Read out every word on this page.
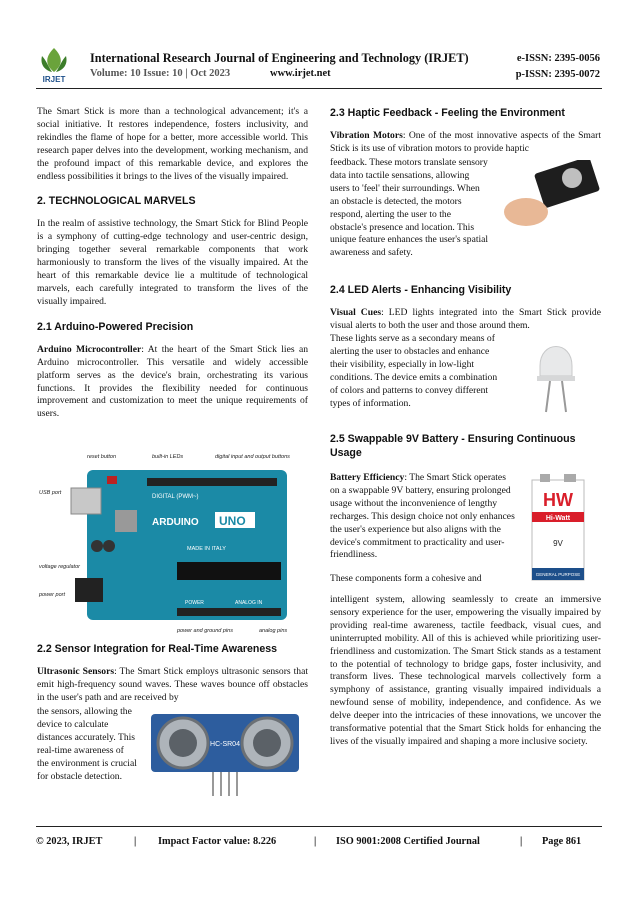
IRJET
International Research Journal of Engineering and Technology (IRJET)
Volume: 10 Issue: 10 | Oct 2023	www.irjet.net
e-ISSN: 2395-0056
p-ISSN: 2395-0072

The Smart Stick is more than a technological advancement; it's a social initiative. It restores independence, fosters inclusivity, and rekindles the flame of hope for a better, more accessible world. This research paper delves into the development, working mechanism, and the profound impact of this remarkable device, and explores the endless possibilities it brings to the lives of the visually impaired.

2. TECHNOLOGICAL MARVELS

In the realm of assistive technology, the Smart Stick for Blind People is a symphony of cutting-edge technology and user-centric design, bringing together several remarkable components that work harmoniously to transform the lives of the visually impaired. At the heart of this remarkable device lie a multitude of technological marvels, each carefully integrated to transform the lives of the visually impaired.

2.1 Arduino-Powered Precision

Arduino Microcontroller: At the heart of the Smart Stick lies an Arduino microcontroller. This versatile and widely accessible platform serves as the device's brain, orchestrating its various functions. It provides the flexibility needed for continuous improvement and customization to meet the unique requirements of users.

DIGITAL (PWM~)
ARDUINO UNO
MADE IN ITALY
POWER	ANALOG IN
reset button	built-in LEDs	digital input and output buttons
USB port
voltage regulator
power port
power and ground pins	analog pins
2.2 Sensor Integration for Real-Time Awareness

Ultrasonic Sensors: The Smart Stick employs ultrasonic sensors that emit high-frequency sound waves. These waves bounce off obstacles in the user's path and are received by

the sensors, allowing the device to calculate distances accurately. This real-time awareness of the environment is crucial for obstacle detection.

HC-SR04
2.3 Haptic Feedback - Feeling the Environment

Vibration Motors: One of the most innovative aspects of the Smart Stick is its use of vibration motors to provide haptic

feedback. These motors translate sensory data into tactile sensations, allowing users to 'feel' their surroundings. When an obstacle is detected, the motors respond, alerting the user to the obstacle's presence and location. This unique feature enhances the user's spatial awareness and safety.

2.4 LED Alerts - Enhancing Visibility

Visual Cues: LED lights integrated into the Smart Stick provide visual alerts to both the user and those around them.

These lights serve as a secondary means of alerting the user to obstacles and enhance their visibility, especially in low-light conditions. The device emits a combination of colors and patterns to convey different types of information.

2.5 Swappable 9V Battery - Ensuring Continuous Usage

Battery Efficiency: The Smart Stick operates on a swappable 9V battery, ensuring prolonged usage without the inconvenience of lengthy recharges. This design choice not only enhances the user's experience but also aligns with the device's commitment to practicality and user-friendliness.

These components form a cohesive and

HW
Hi-Watt
9V
GENERAL PURPOSE

intelligent system, allowing seamlessly to create an immersive sensory experience for the user, empowering the visually impaired by providing real-time awareness, tactile feedback, visual cues, and uninterrupted mobility. All of this is achieved while prioritizing user-friendliness and customization. The Smart Stick stands as a testament to the potential of technology to bridge gaps, foster inclusivity, and transform lives. These technological marvels collectively form a symphony of assistance, granting visually impaired individuals a newfound sense of mobility, independence, and confidence. As we delve deeper into the intricacies of these innovations, we uncover the transformative potential that the Smart Stick holds for enhancing the lives of the visually impaired and shaping a more inclusive society.

© 2023, IRJET	| Impact Factor value: 8.226	| ISO 9001:2008 Certified Journal	| Page 861
